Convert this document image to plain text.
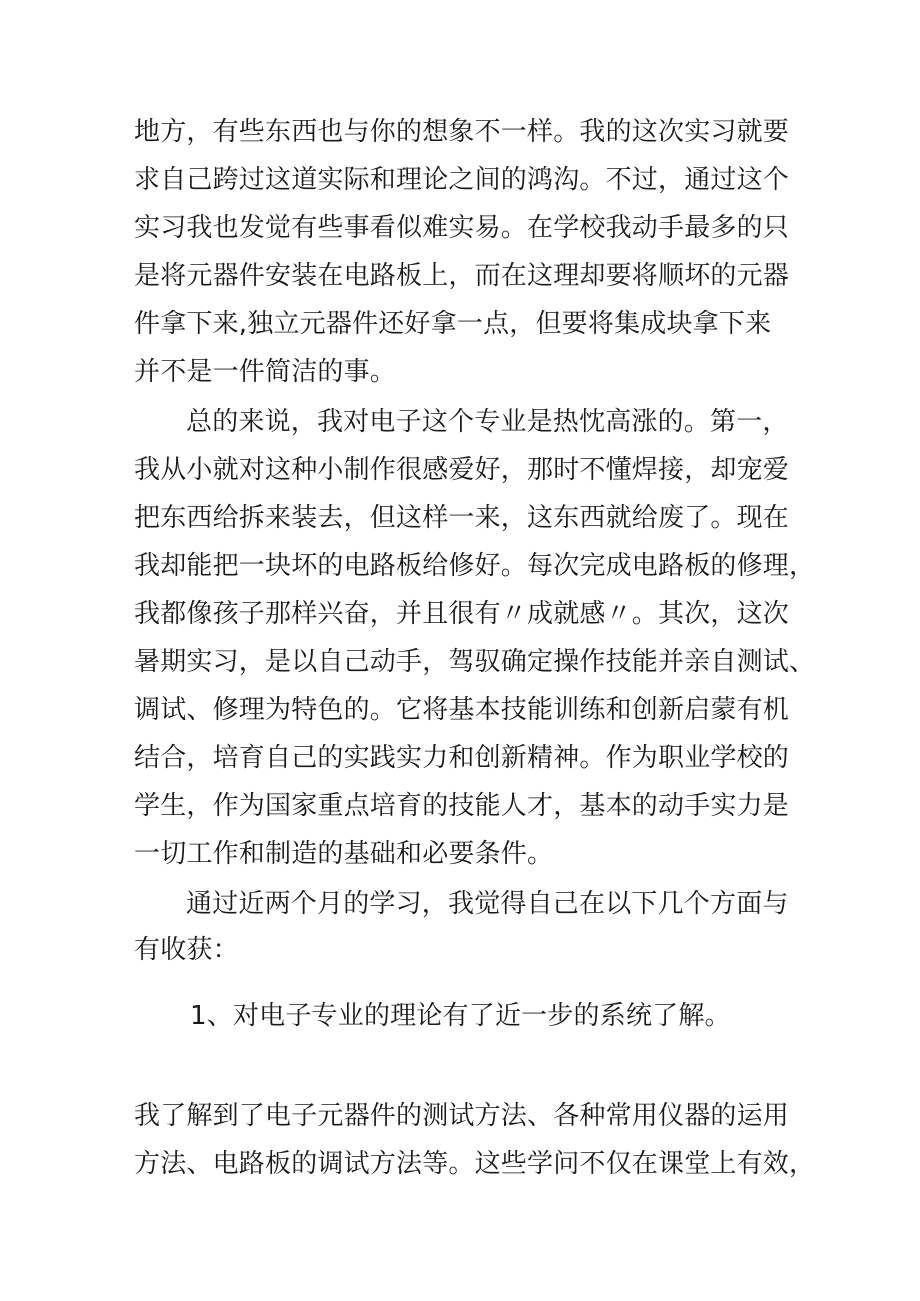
地方，有些东西也与你的想象不一样。我的这次实习就要
求自己跨过这道实际和理论之间的鸿沟。不过，通过这个
实习我也发觉有些事看似难实易。在学校我动手最多的只
是将元器件安装在电路板上，而在这理却要将顺坏的元器
件拿下来,独立元器件还好拿一点，但要将集成块拿下来
并不是一件简洁的事。
总的来说，我对电子这个专业是热忱高涨的。第一，
我从小就对这种小制作很感爱好，那时不懂焊接，却宠爱
把东西给拆来装去，但这样一来，这东西就给废了。现在
我却能把一块坏的电路板给修好。每次完成电路板的修理，
我都像孩子那样兴奋，并且很有〃成就感〃。其次，这次
暑期实习，是以自己动手，驾驭确定操作技能并亲自测试、
调试、修理为特色的。它将基本技能训练和创新启蒙有机
结合，培育自己的实践实力和创新精神。作为职业学校的
学生，作为国家重点培育的技能人才，基本的动手实力是
一切工作和制造的基础和必要条件。
通过近两个月的学习，我觉得自己在以下几个方面与
有收获：
1、对电子专业的理论有了近一步的系统了解。
我了解到了电子元器件的测试方法、各种常用仪器的运用
方法、电路板的调试方法等。这些学问不仅在课堂上有效，
